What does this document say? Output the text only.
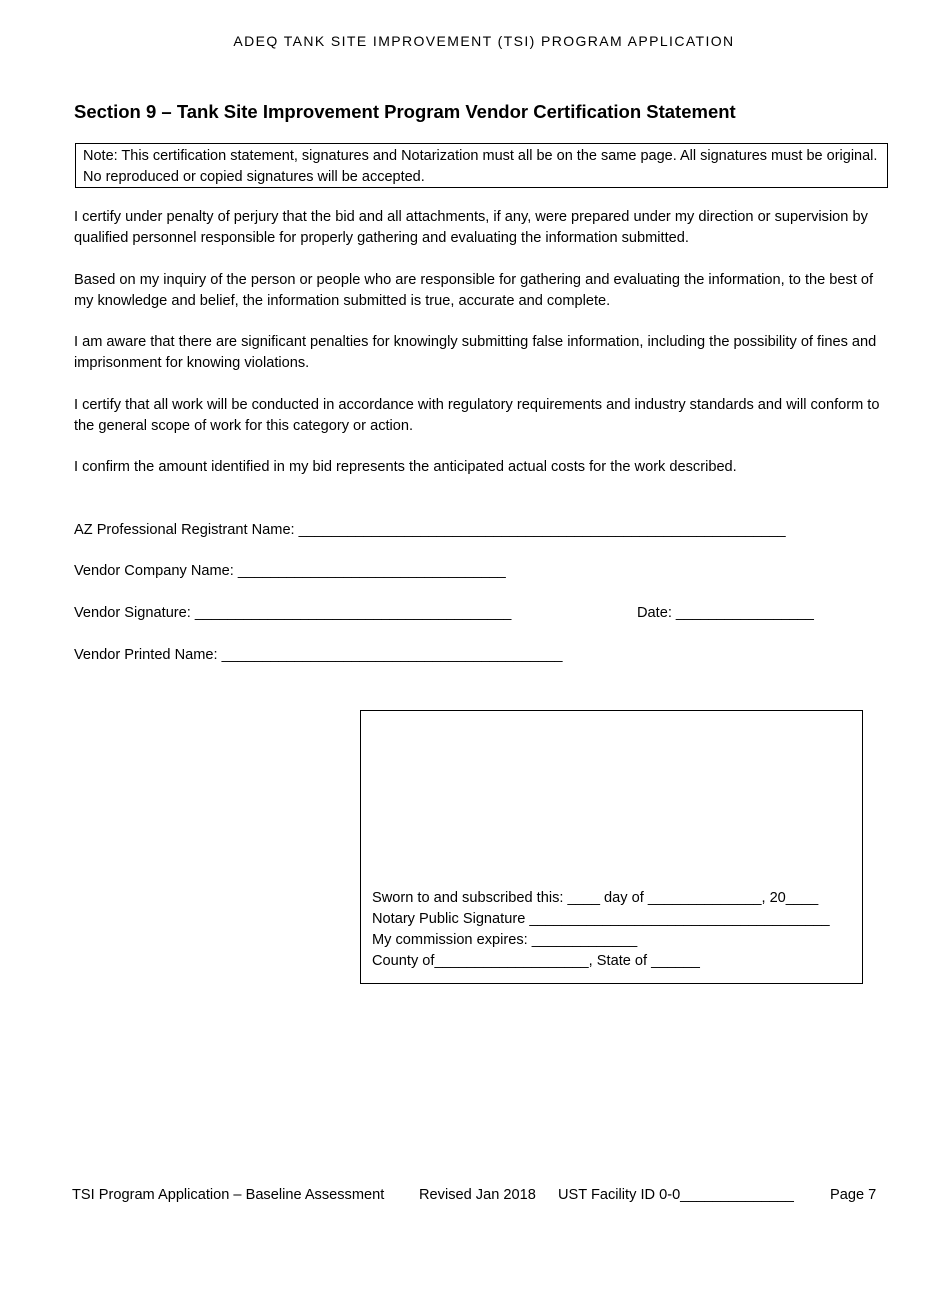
ADEQ TANK SITE IMPROVEMENT (TSI) PROGRAM APPLICATION
Section 9 – Tank Site Improvement Program Vendor Certification Statement
Note: This certification statement, signatures and Notarization must all be on the same page. All signatures must be original. No reproduced or copied signatures will be accepted.
I certify under penalty of perjury that the bid and all attachments, if any, were prepared under my direction or supervision by qualified personnel responsible for properly gathering and evaluating the information submitted.
Based on my inquiry of the person or people who are responsible for gathering and evaluating the information, to the best of my knowledge and belief, the information submitted is true, accurate and complete.
I am aware that there are significant penalties for knowingly submitting false information, including the possibility of fines and imprisonment for knowing violations.
I certify that all work will be conducted in accordance with regulatory requirements and industry standards and will conform to the general scope of work for this category or action.
I confirm the amount identified in my bid represents the anticipated actual costs for the work described.
AZ Professional Registrant Name: ____________________________________________________________
Vendor Company Name: _________________________________
Vendor Signature: _______________________________________	Date: _________________
Vendor Printed Name: __________________________________________
Sworn to and subscribed this: ____ day of ______________, 20____
Notary Public Signature _____________________________________
My commission expires: _____________
County of___________________, State of ______

TSI Program Application – Baseline Assessment

Revised Jan 2018

UST Facility ID 0-0______________

Page 7
